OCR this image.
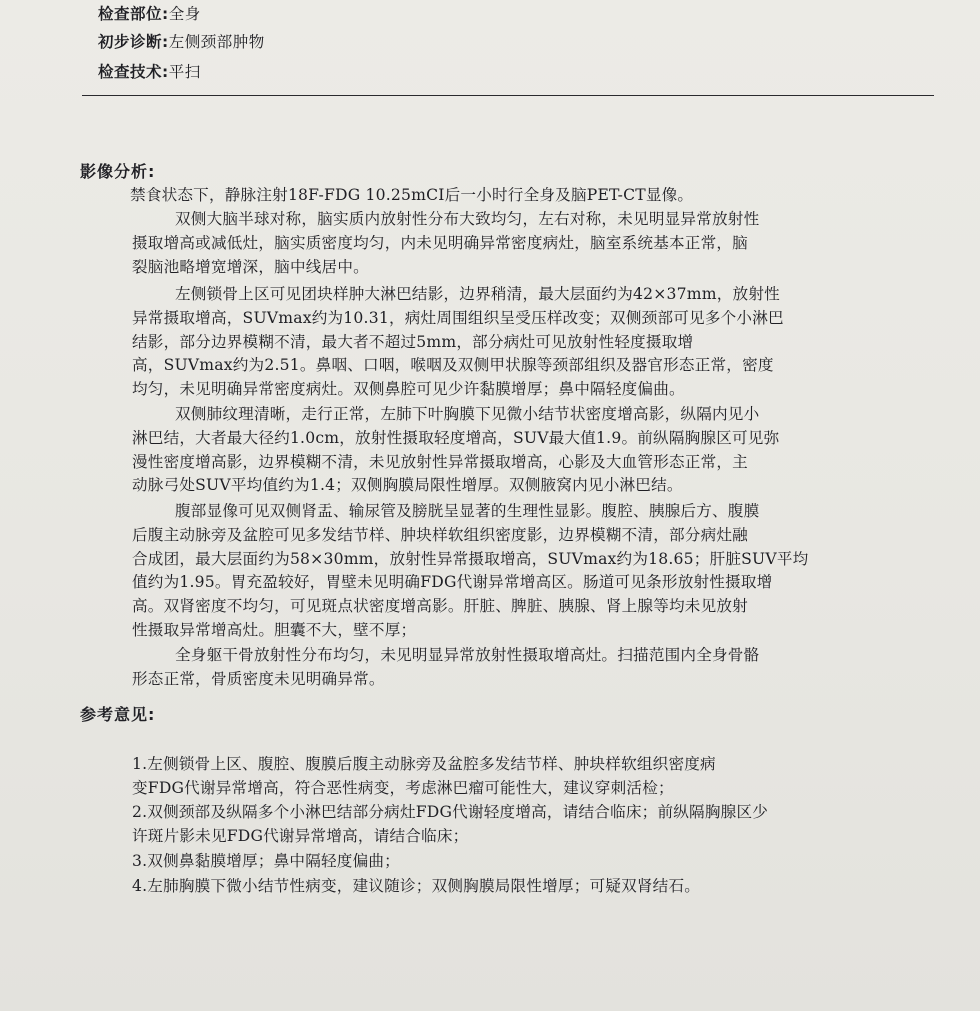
检查部位:全身
初步诊断:左侧颈部肿物
检查技术:平扫
影像分析:
禁食状态下，静脉注射18F-FDG 10.25mCI后一小时行全身及脑PET-CT显像。
双侧大脑半球对称，脑实质内放射性分布大致均匀，左右对称，未见明显异常放射性
摄取增高或减低灶，脑实质密度均匀，内未见明确异常密度病灶，脑室系统基本正常，脑
裂脑池略增宽增深，脑中线居中。
左侧锁骨上区可见团块样肿大淋巴结影，边界稍清，最大层面约为42×37mm，放射性
异常摄取增高，SUVmax约为10.31，病灶周围组织呈受压样改变；双侧颈部可见多个小淋巴
结影，部分边界模糊不清，最大者不超过5mm，部分病灶可见放射性轻度摄取增
高，SUVmax约为2.51。鼻咽、口咽，喉咽及双侧甲状腺等颈部组织及器官形态正常，密度
均匀，未见明确异常密度病灶。双侧鼻腔可见少许黏膜增厚；鼻中隔轻度偏曲。
双侧肺纹理清晰，走行正常，左肺下叶胸膜下见微小结节状密度增高影，纵隔内见小
淋巴结，大者最大径约1.0cm，放射性摄取轻度增高，SUV最大值1.9。前纵隔胸腺区可见弥
漫性密度增高影，边界模糊不清，未见放射性异常摄取增高，心影及大血管形态正常，主
动脉弓处SUV平均值约为1.4；双侧胸膜局限性增厚。双侧腋窝内见小淋巴结。
腹部显像可见双侧肾盂、输尿管及膀胱呈显著的生理性显影。腹腔、胰腺后方、腹膜
后腹主动脉旁及盆腔可见多发结节样、肿块样软组织密度影，边界模糊不清，部分病灶融
合成团，最大层面约为58×30mm，放射性异常摄取增高，SUVmax约为18.65；肝脏SUV平均
值约为1.95。胃充盈较好，胃壁未见明确FDG代谢异常增高区。肠道可见条形放射性摄取增
高。双肾密度不均匀，可见斑点状密度增高影。肝脏、脾脏、胰腺、肾上腺等均未见放射
性摄取异常增高灶。胆囊不大，壁不厚；
全身躯干骨放射性分布均匀，未见明显异常放射性摄取增高灶。扫描范围内全身骨骼
形态正常，骨质密度未见明确异常。
参考意见:
1.左侧锁骨上区、腹腔、腹膜后腹主动脉旁及盆腔多发结节样、肿块样软组织密度病
变FDG代谢异常增高，符合恶性病变，考虑淋巴瘤可能性大，建议穿刺活检；
2.双侧颈部及纵隔多个小淋巴结部分病灶FDG代谢轻度增高，请结合临床；前纵隔胸腺区少
许斑片影未见FDG代谢异常增高，请结合临床；
3.双侧鼻黏膜增厚；鼻中隔轻度偏曲；
4.左肺胸膜下微小结节性病变，建议随诊；双侧胸膜局限性增厚；可疑双肾结石。
